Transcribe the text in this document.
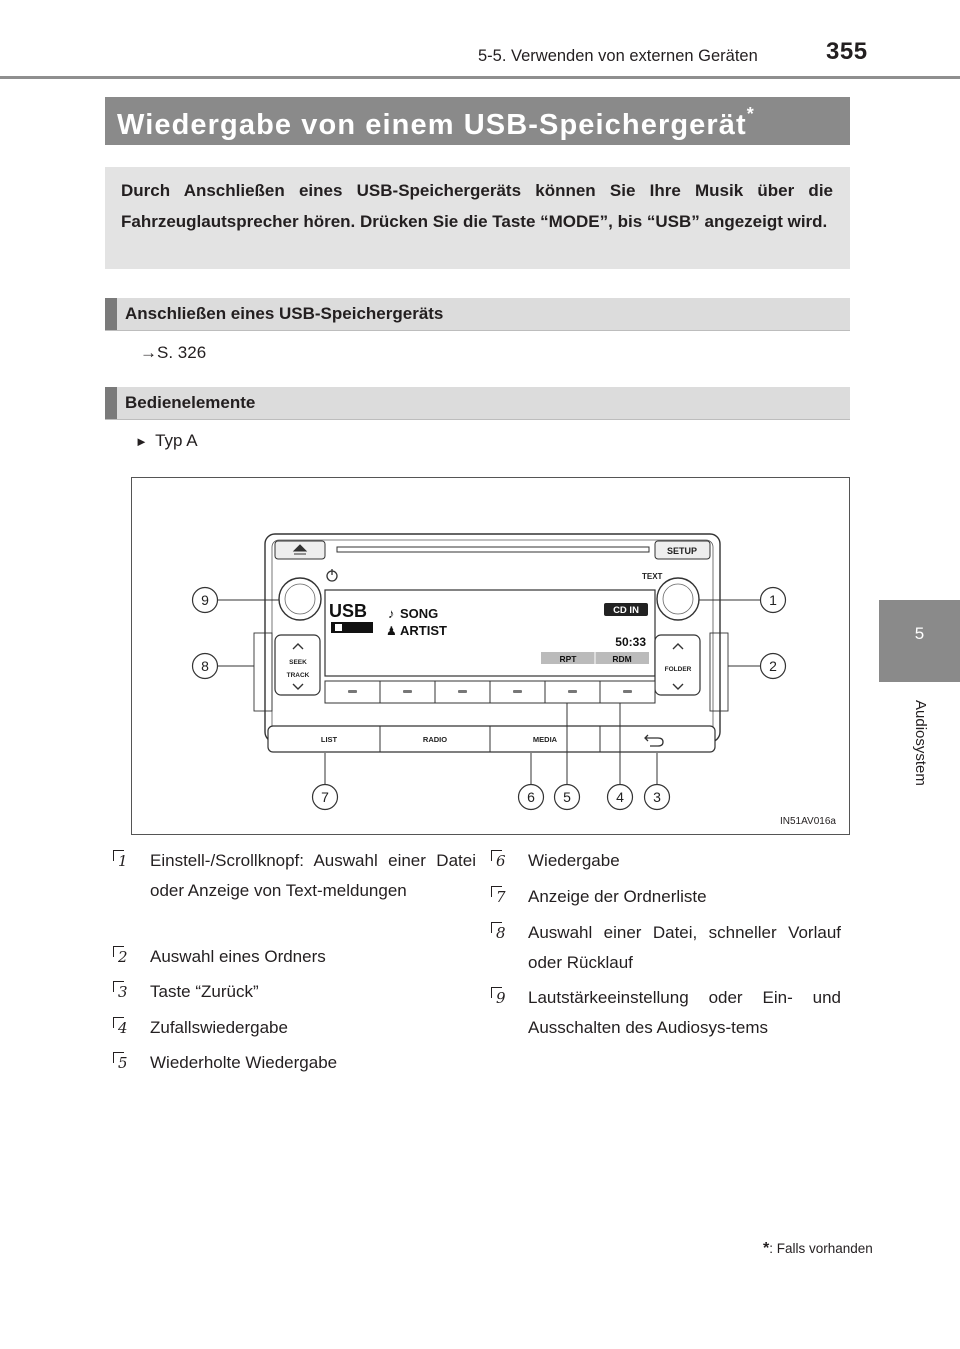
5-5. Verwenden von externen Geräten	355
5
Audiosystem
Wiedergabe von einem USB-Speichergerät*
Durch Anschließen eines USB-Speichergeräts können Sie Ihre Musik über die Fahrzeuglautsprecher hören. Drücken Sie die Taste “MODE”, bis “USB” angezeigt wird.
Anschließen eines USB-Speichergeräts
→S. 326
Bedienelemente
►  Typ A
SETUP
TEXT
USB ♪ SONG
♟ ARTIST
CD IN
50:33
RPT	RDM
SEEK
TRACK
FOLDER
LIST	RADIO	MEDIA
9
8
1
2
7	6 5	4 3
IN51AV016a
1 Einstell-/Scrollknopf: Auswahl einer Datei oder Anzeige von Text-meldungen
2 Auswahl eines Ordners
3 Taste “Zurück”
4 Zufallswiedergabe
5 Wiederholte Wiedergabe
6 Wiedergabe
7 Anzeige der Ordnerliste
8 Auswahl einer Datei, schneller Vorlauf oder Rücklauf
9 Lautstärkeeinstellung oder Ein- und Ausschalten des Audiosys-tems
*: Falls vorhanden
